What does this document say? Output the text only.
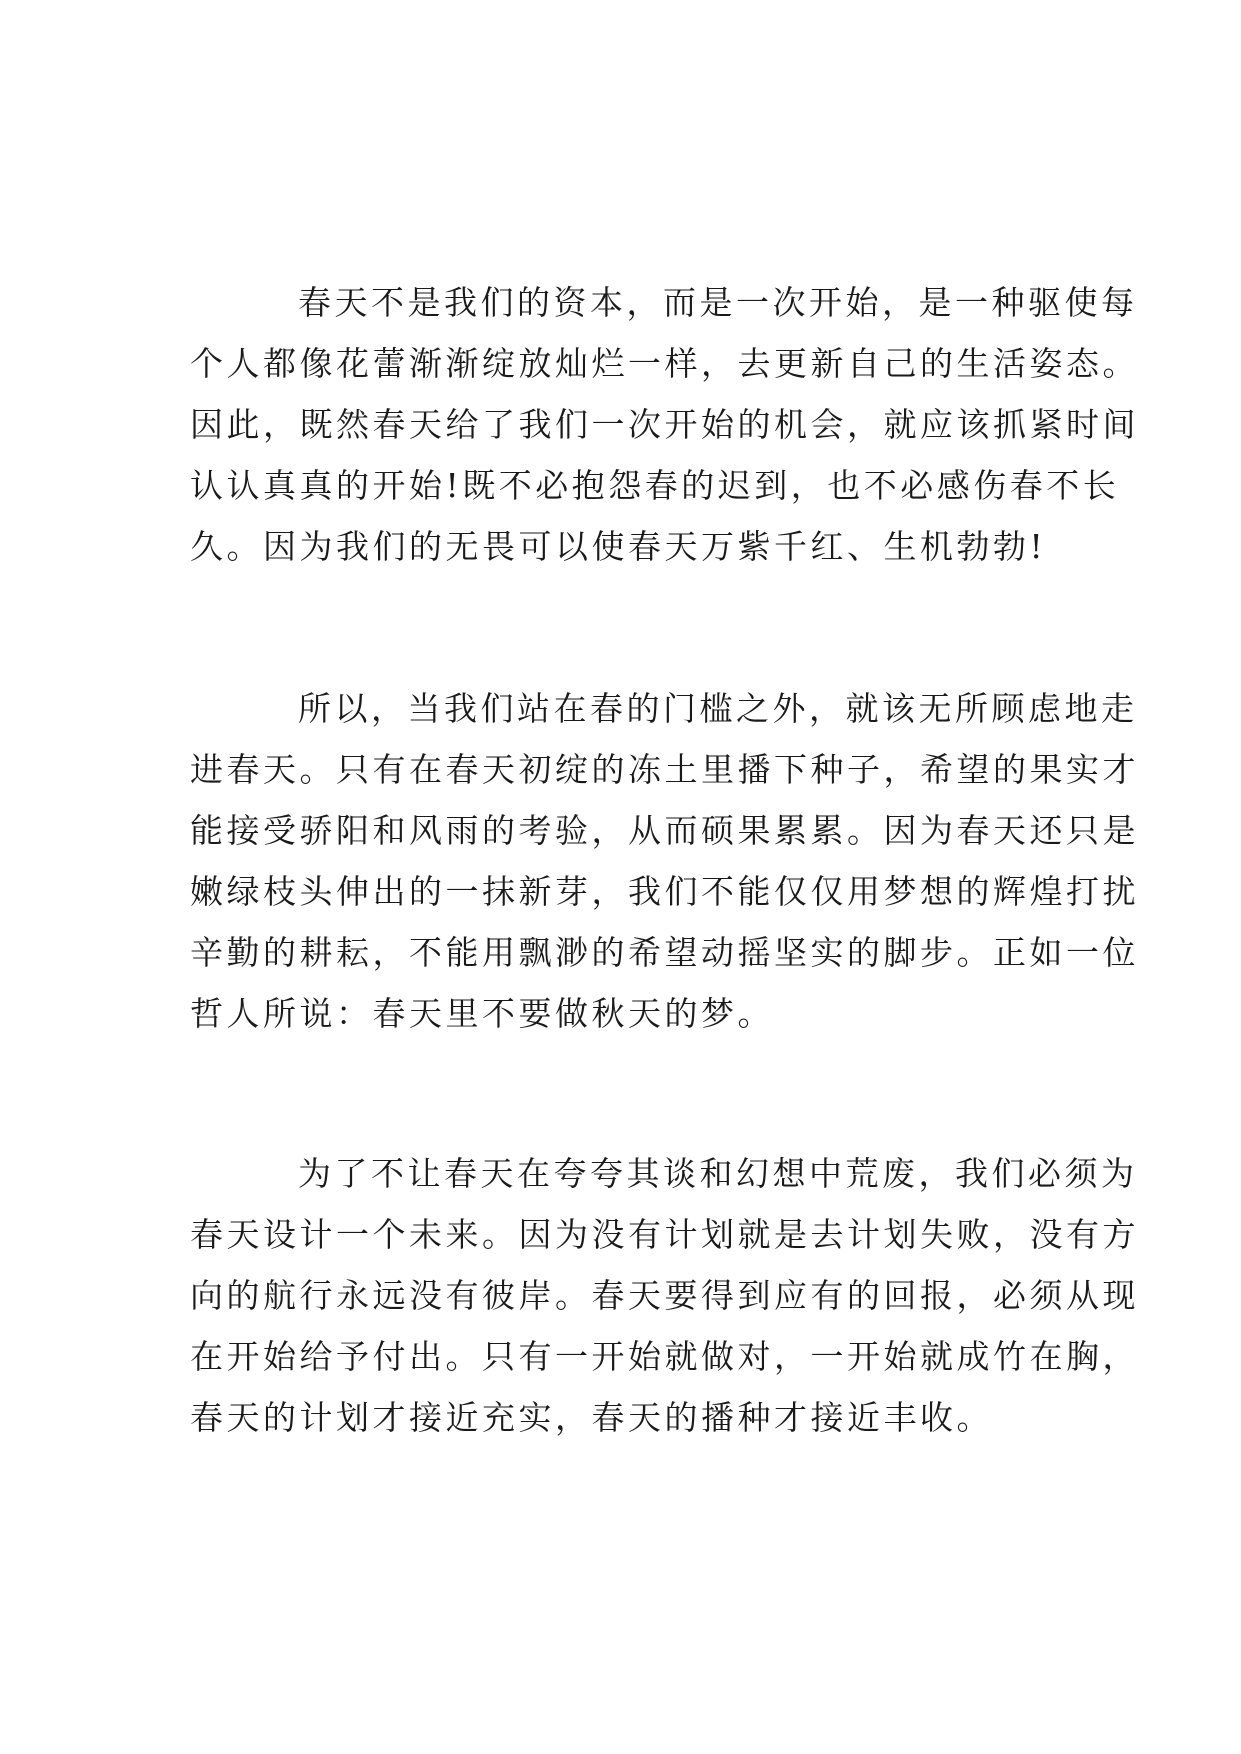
春天不是我们的资本，而是一次开始，是一种驱使每
个人都像花蕾渐渐绽放灿烂一样，去更新自己的生活姿态。
因此，既然春天给了我们一次开始的机会，就应该抓紧时间
认认真真的开始!既不必抱怨春的迟到，也不必感伤春不长
久。因为我们的无畏可以使春天万紫千红、生机勃勃!
所以，当我们站在春的门槛之外，就该无所顾虑地走
进春天。只有在春天初绽的冻土里播下种子，希望的果实才
能接受骄阳和风雨的考验，从而硕果累累。因为春天还只是
嫩绿枝头伸出的一抹新芽，我们不能仅仅用梦想的辉煌打扰
辛勤的耕耘，不能用飘渺的希望动摇坚实的脚步。正如一位
哲人所说：春天里不要做秋天的梦。
为了不让春天在夸夸其谈和幻想中荒废，我们必须为
春天设计一个未来。因为没有计划就是去计划失败，没有方
向的航行永远没有彼岸。春天要得到应有的回报，必须从现
在开始给予付出。只有一开始就做对，一开始就成竹在胸，
春天的计划才接近充实，春天的播种才接近丰收。
